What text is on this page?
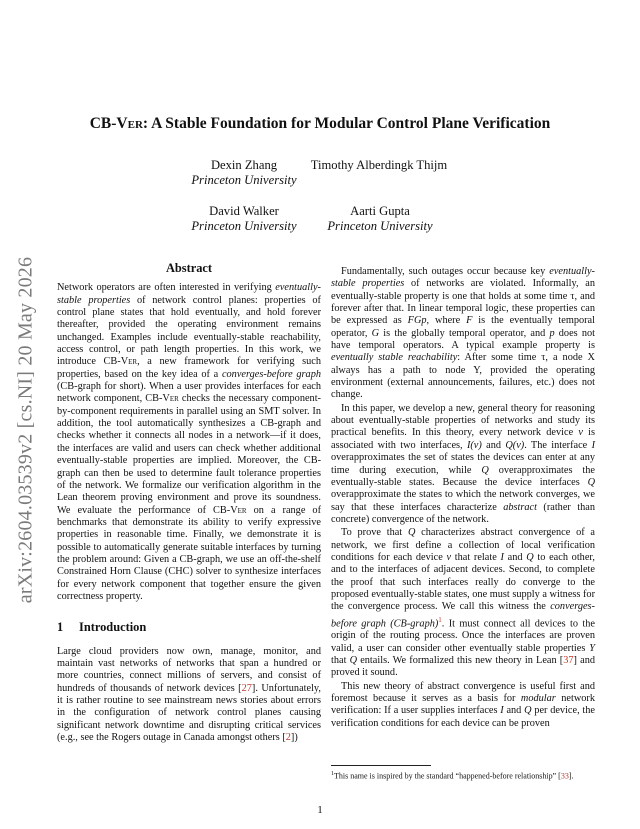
arXiv:2604.03539v2 [cs.NI] 20 May 2026
CB-Ver: A Stable Foundation for Modular Control Plane Verification
Dexin Zhang
Princeton University
Timothy Alberdingk Thijm
David Walker
Princeton University
Aarti Gupta
Princeton University
Abstract

Network operators are often interested in verifying eventually-stable properties of network control planes: properties of control plane states that hold eventually, and hold forever thereafter, provided the operating environment remains unchanged. Examples include eventually-stable reachability, access control, or path length properties. In this work, we introduce CB-Ver, a new framework for verifying such properties, based on the key idea of a converges-before graph (CB-graph for short). When a user provides interfaces for each network component, CB-Ver checks the necessary component-by-component requirements in parallel using an SMT solver. In addition, the tool automatically synthesizes a CB-graph and checks whether it connects all nodes in a network—if it does, the interfaces are valid and users can check whether additional eventually-stable properties are implied. Moreover, the CB-graph can then be used to determine fault tolerance properties of the network. We formalize our verification algorithm in the Lean theorem proving environment and prove its soundness. We evaluate the performance of CB-Ver on a range of benchmarks that demonstrate its ability to verify expressive properties in reasonable time. Finally, we demonstrate it is possible to automatically generate suitable interfaces by turning the problem around: Given a CB-graph, we use an off-the-shelf Constrained Horn Clause (CHC) solver to synthesize interfaces for every network component that together ensure the given correctness property.

1 Introduction

Large cloud providers now own, manage, monitor, and maintain vast networks of networks that span a hundred or more countries, connect millions of servers, and consist of hundreds of thousands of network devices [27]. Unfortunately, it is rather routine to see mainstream news stories about errors in the configuration of network control planes causing significant network downtime and disrupting critical services (e.g., see the Rogers outage in Canada amongst others [2])

Fundamentally, such outages occur because key eventually-stable properties of networks are violated. Informally, an eventually-stable property is one that holds at some time τ, and forever after that. In linear temporal logic, these properties can be expressed as FGp, where F is the eventually temporal operator, G is the globally temporal operator, and p does not have temporal operators. A typical example property is eventually stable reachability: After some time τ, a node X always has a path to node Y, provided the operating environment (external announcements, failures, etc.) does not change.

In this paper, we develop a new, general theory for reasoning about eventually-stable properties of networks and study its practical benefits. In this theory, every network device v is associated with two interfaces, I(v) and Q(v). The interface I overapproximates the set of states the devices can enter at any time during execution, while Q overapproximates the eventually-stable states. Because the device interfaces Q overapproximate the states to which the network converges, we say that these interfaces characterize abstract (rather than concrete) convergence of the network.

To prove that Q characterizes abstract convergence of a network, we first define a collection of local verification conditions for each device v that relate I and Q to each other, and to the interfaces of adjacent devices. Second, to complete the proof that such interfaces really do converge to the proposed eventually-stable states, one must supply a witness for the convergence process. We call this witness the converges-before graph (CB-graph)$^1$. It must connect all devices to the origin of the routing process. Once the interfaces are proven valid, a user can consider other eventually stable properties Y that Q entails. We formalized this new theory in Lean [37] and proved it sound.

This new theory of abstract convergence is useful first and foremost because it serves as a basis for modular network verification: If a user supplies interfaces I and Q per device, the verification conditions for each device can be proven

$^1$This name is inspired by the standard “happened-before relationship” [33].
1
